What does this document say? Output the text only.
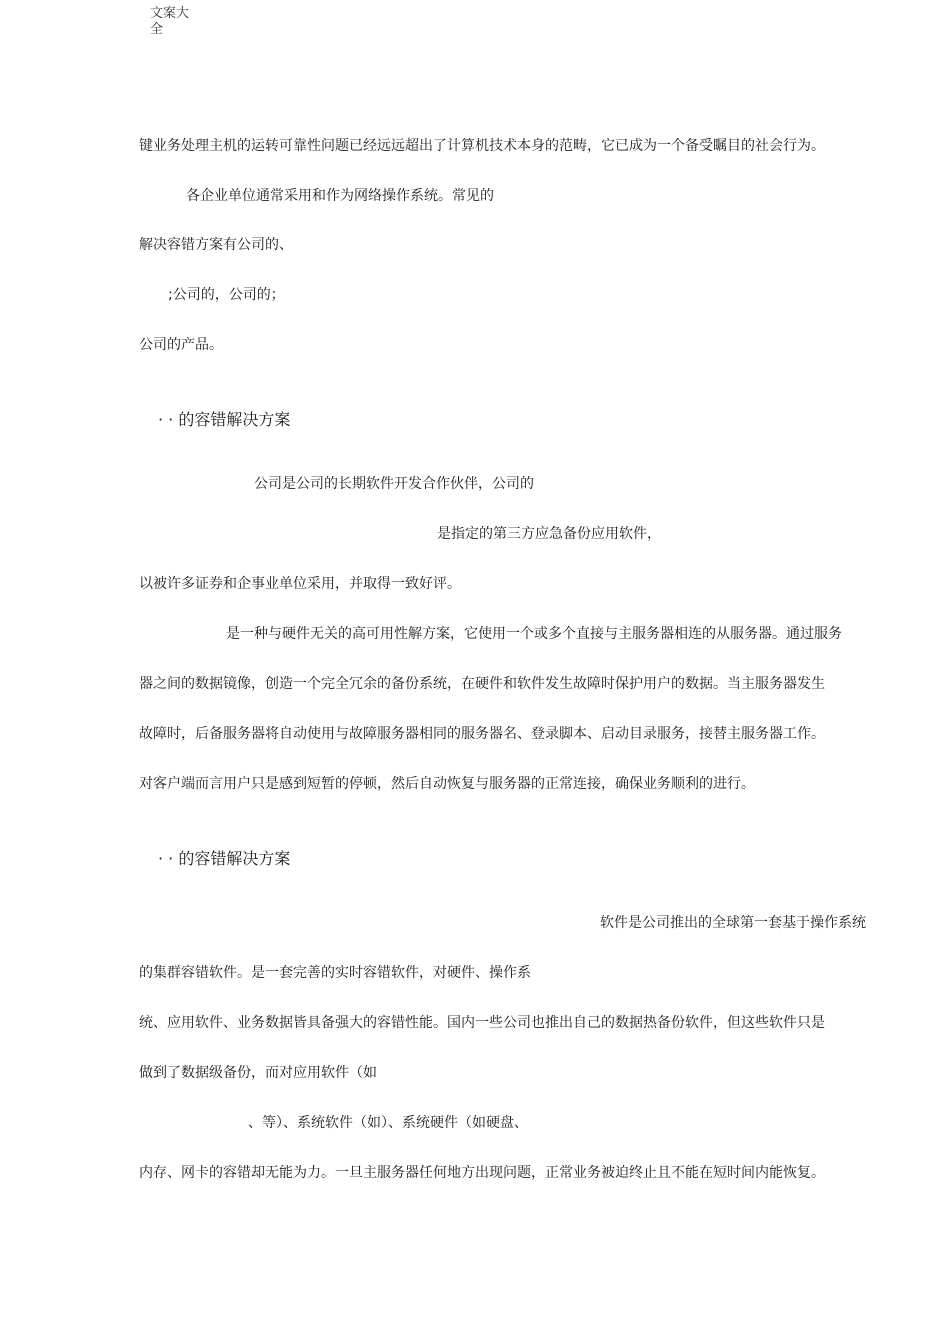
文案大全
键业务处理主机的运转可靠性问题已经远远超出了计算机技术本身的范畴，它已成为一个备受瞩目的社会行为。
各企业单位通常采用和作为网络操作系统。常见的
解决容错方案有公司的、
;公司的，公司的；
公司的产品。
· · 的容错解决方案
公司是公司的长期软件开发合作伙伴，公司的
是指定的第三方应急备份应用软件，
以被许多证券和企事业单位采用，并取得一致好评。
是一种与硬件无关的高可用性解方案，它使用一个或多个直接与主服务器相连的从服务器。通过服务
器之间的数据镜像，创造一个完全冗余的备份系统，在硬件和软件发生故障时保护用户的数据。当主服务器发生
故障时，后备服务器将自动使用与故障服务器相同的服务器名、登录脚本、启动目录服务，接替主服务器工作。
对客户端而言用户只是感到短暂的停顿，然后自动恢复与服务器的正常连接，确保业务顺利的进行。
· · 的容错解决方案
软件是公司推出的全球第一套基于操作系统
的集群容错软件。是一套完善的实时容错软件，对硬件、操作系
统、应用软件、业务数据皆具备强大的容错性能。国内一些公司也推出自己的数据热备份软件，但这些软件只是
做到了数据级备份，而对应用软件（如
、等）、系统软件（如）、系统硬件（如硬盘、
内存、网卡的容错却无能为力。一旦主服务器任何地方出现问题，正常业务被迫终止且不能在短时间内能恢复。
